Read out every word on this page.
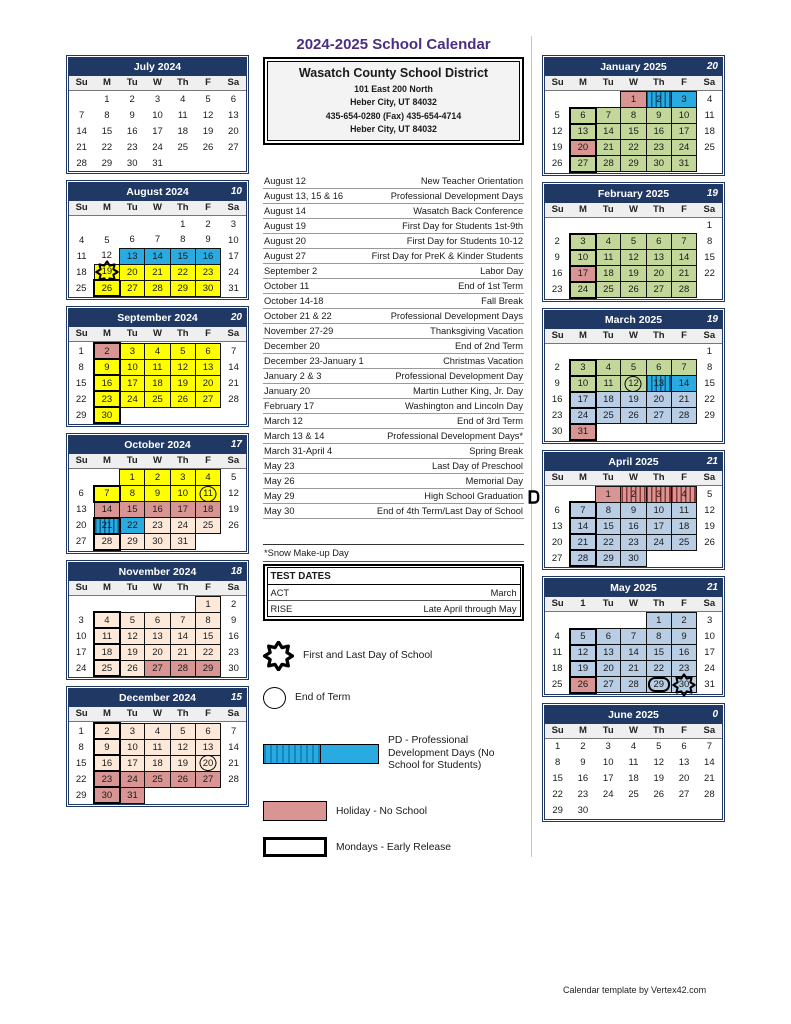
July 2024
Su	M	Tu	W	Th	F	Sa
	1	2	3	4	5	6
7	8	9	10	11	12	13
14	15	16	17	18	19	20
21	22	23	24	25	26	27
28	29	30	31			
August 2024	10
Su	M	Tu	W	Th	F	Sa
				1	2	3
4	5	6	7	8	9	10
11	12	13	14	15	16	17
18	19	20	21	22	23	24
25	26	27	28	29	30	31
September 2024	20
Su	M	Tu	W	Th	F	Sa
1	2	3	4	5	6	7
8	9	10	11	12	13	14
15	16	17	18	19	20	21
22	23	24	25	26	27	28
29	30					
October 2024	17
Su	M	Tu	W	Th	F	Sa
		1	2	3	4	5
6	7	8	9	10	11	12
13	14	15	16	17	18	19
20	21	22	23	24	25	26
27	28	29	30	31		
November 2024	18
Su	M	Tu	W	Th	F	Sa
					1	2
3	4	5	6	7	8	9
10	11	12	13	14	15	16
17	18	19	20	21	22	23
24	25	26	27	28	29	30
December 2024	15
Su	M	Tu	W	Th	F	Sa
1	2	3	4	5	6	7
8	9	10	11	12	13	14
15	16	17	18	19	20	21
22	23	24	25	26	27	28
29	30	31				
2024-2025 School Calendar
Wasatch County School District
101 East 200 North
Heber City, UT 84032
435-654-0280 (Fax) 435-654-4714
Heber City, UT 84032
August 12	New Teacher Orientation
August 13, 15 & 16	Professional Development Days
August 14	Wasatch Back Conference
August 19	First Day for Students 1st-9th
August 20	First Day for Students 10-12
August 27	First Day for PreK & Kinder Students
September 2	Labor Day
October 11	End of 1st Term
October 14-18	Fall Break
October 21 & 22	Professional Development Days
November 27-29	Thanksgiving Vacation
December 20	End of 2nd Term
December 23-January 1	Christmas Vacation
January 2 & 3	Professional Development Day
January 20	Martin Luther King, Jr. Day
February 17	Washington and Lincoln Day
March 12	End of 3rd Term
March 13 & 14	Professional Development Days*
March 31-April 4	Spring Break
May 23	Last Day of Preschool
May 26	Memorial Day
May 29	High School Graduation
May 30	End of 4th Term/Last Day of School
*Snow Make-up Day
TEST DATES
ACT	March
RISE	Late April through May
First and Last Day of School
End of Term
PD - Professional Development Days (No School for Students)
Holiday - No School
Mondays - Early Release
January 2025	20
Su	M	Tu	W	Th	F	Sa
			1	2	3	4
5	6	7	8	9	10	11
12	13	14	15	16	17	18
19	20	21	22	23	24	25
26	27	28	29	30	31	
February 2025	19
Su	M	Tu	W	Th	F	Sa
						1
2	3	4	5	6	7	8
9	10	11	12	13	14	15
16	17	18	19	20	21	22
23	24	25	26	27	28	
March 2025	19
Su	M	Tu	W	Th	F	Sa
						1
2	3	4	5	6	7	8
9	10	11	12	13	14	15
16	17	18	19	20	21	22
23	24	25	26	27	28	29
30	31					
April 2025	21
Su	M	Tu	W	Th	F	Sa
		1	2	3	4	5
6	7	8	9	10	11	12
13	14	15	16	17	18	19
20	21	22	23	24	25	26
27	28	29	30			
May 2025	21
Su	1	Tu	W	Th	F	Sa
				1	2	3
4	5	6	7	8	9	10
11	12	13	14	15	16	17
18	19	20	21	22	23	24
25	26	27	28	29	30	31
June 2025	0
Su	M	Tu	W	Th	F	Sa
1	2	3	4	5	6	7
8	9	10	11	12	13	14
15	16	17	18	19	20	21
22	23	24	25	26	27	28
29	30					
Calendar template by Vertex42.com
